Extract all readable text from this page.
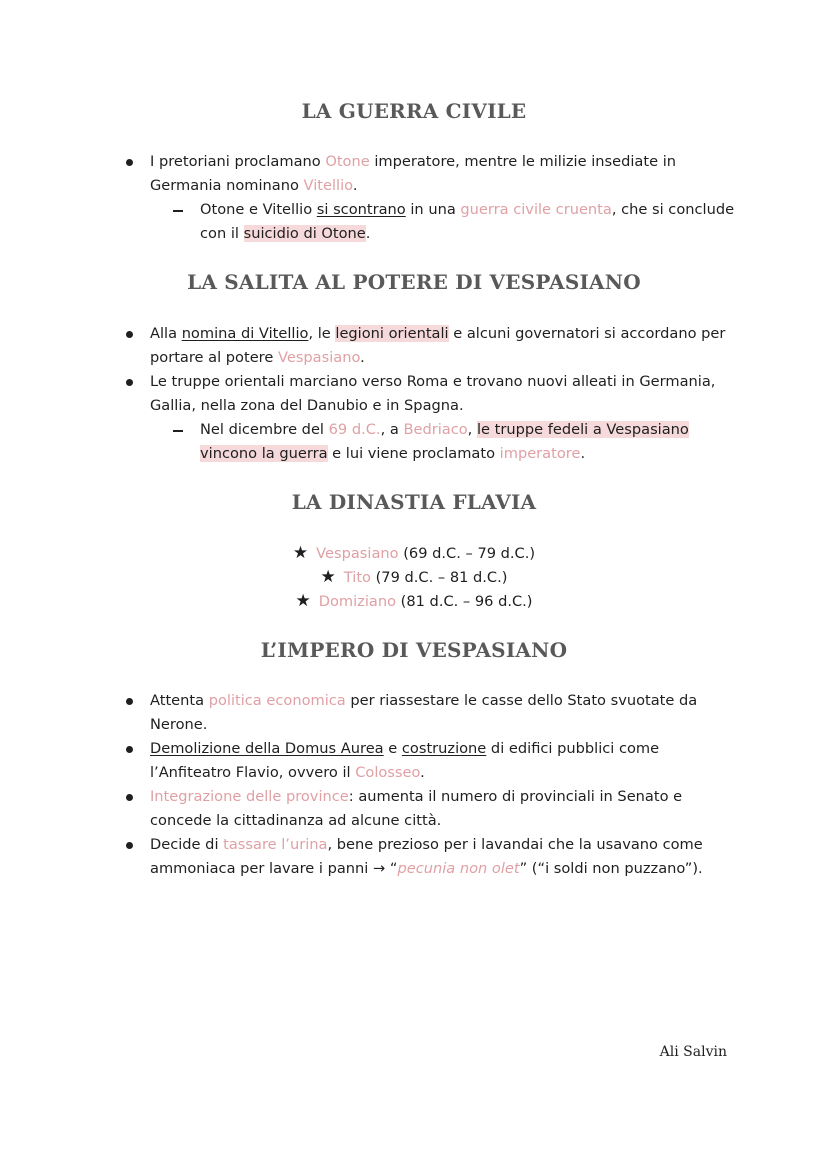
LA GUERRA CIVILE

I pretoriani proclamano Otone imperatore, mentre le milizie insediate in Germania nominano Vitellio.

Otone e Vitellio si scontrano in una guerra civile cruenta, che si conclude con il suicidio di Otone.

LA SALITA AL POTERE DI VESPASIANO

Alla nomina di Vitellio, le legioni orientali e alcuni governatori si accordano per portare al potere Vespasiano.

Le truppe orientali marciano verso Roma e trovano nuovi alleati in Germania, Gallia, nella zona del Danubio e in Spagna.

Nel dicembre del 69 d.C., a Bedriaco, le truppe fedeli a Vespasiano vincono la guerra e lui viene proclamato imperatore.

LA DINASTIA FLAVIA
★ Vespasiano (69 d.C. – 79 d.C.)
★ Tito (79 d.C. – 81 d.C.)
★ Domiziano (81 d.C. – 96 d.C.)
L’IMPERO DI VESPASIANO

Attenta politica economica per riassestare le casse dello Stato svuotate da Nerone.

Demolizione della Domus Aurea e costruzione di edifici pubblici come l’Anfiteatro Flavio, ovvero il Colosseo.

Integrazione delle province: aumenta il numero di provinciali in Senato e concede la cittadinanza ad alcune città.

Decide di tassare l’urina, bene prezioso per i lavandai che la usavano come ammoniaca per lavare i panni → “pecunia non olet” (“i soldi non puzzano”).

Ali Salvin
